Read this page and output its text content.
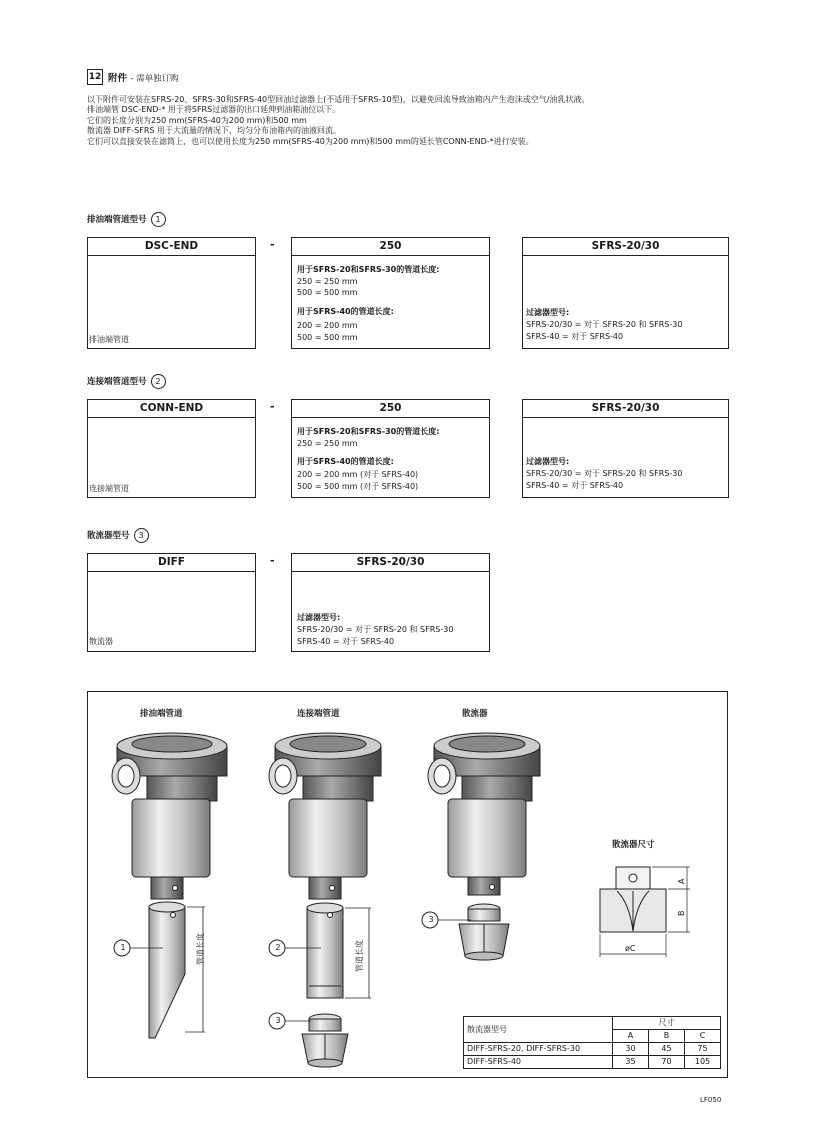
12 附件 - 需单独订购
以下附件可安装在SFRS-20、SFRS-30和SFRS-40型回油过滤器上(不适用于SFRS-10型)，以避免回流导致油箱内产生泡沫或空气/油乳状液。
排油端管 DSC-END-* 用于将SFRS过滤器的出口延伸到油箱油位以下。
它们的长度分别为250 mm(SFRS-40为200 mm)和500 mm
散流器 DIFF-SFRS 用于大流量的情况下，均匀分布油箱内的油液回流。
它们可以直接安装在滤筒上，也可以使用长度为250 mm(SFRS-40为200 mm)和500 mm的延长管CONN-END-*进行安装。
排油端管道型号 1
DSC-END
排油端管道
-	250
用于SFRS-20和SFRS-30的管道长度:
250 = 250 mm
500 = 500 mm
用于SFRS-40的管道长度:
200 = 200 mm
500 = 500 mm
SFRS-20/30
过滤器型号:
SFRS-20/30 = 对于 SFRS-20 和 SFRS-30
SFRS-40 = 对于 SFRS-40
连接端管道型号 2
CONN-END
连接端管道
-	250
用于SFRS-20和SFRS-30的管道长度:
250 = 250 mm
用于SFRS-40的管道长度:
200 = 200 mm (对于 SFRS-40)
500 = 500 mm (对于 SFRS-40)
SFRS-20/30
过滤器型号:
SFRS-20/30 = 对于 SFRS-20 和 SFRS-30
SFRS-40 = 对于 SFRS-40
散流器型号 3
DIFF
散流器
-	SFRS-20/30
过滤器型号:
SFRS-20/30 = 对于 SFRS-20 和 SFRS-30
SFRS-40 = 对于 SFRS-40
排油端管道	连接端管道	散流器
1	2
3
3
管道长度	管道长度
散流器尺寸
A
B
øC
散流器型号	尺寸		
	A	B	C
DIFF-SFRS-20, DIFF-SFRS-30	30	45	75
DIFF-SFRS-40	35	70	105
LF050
